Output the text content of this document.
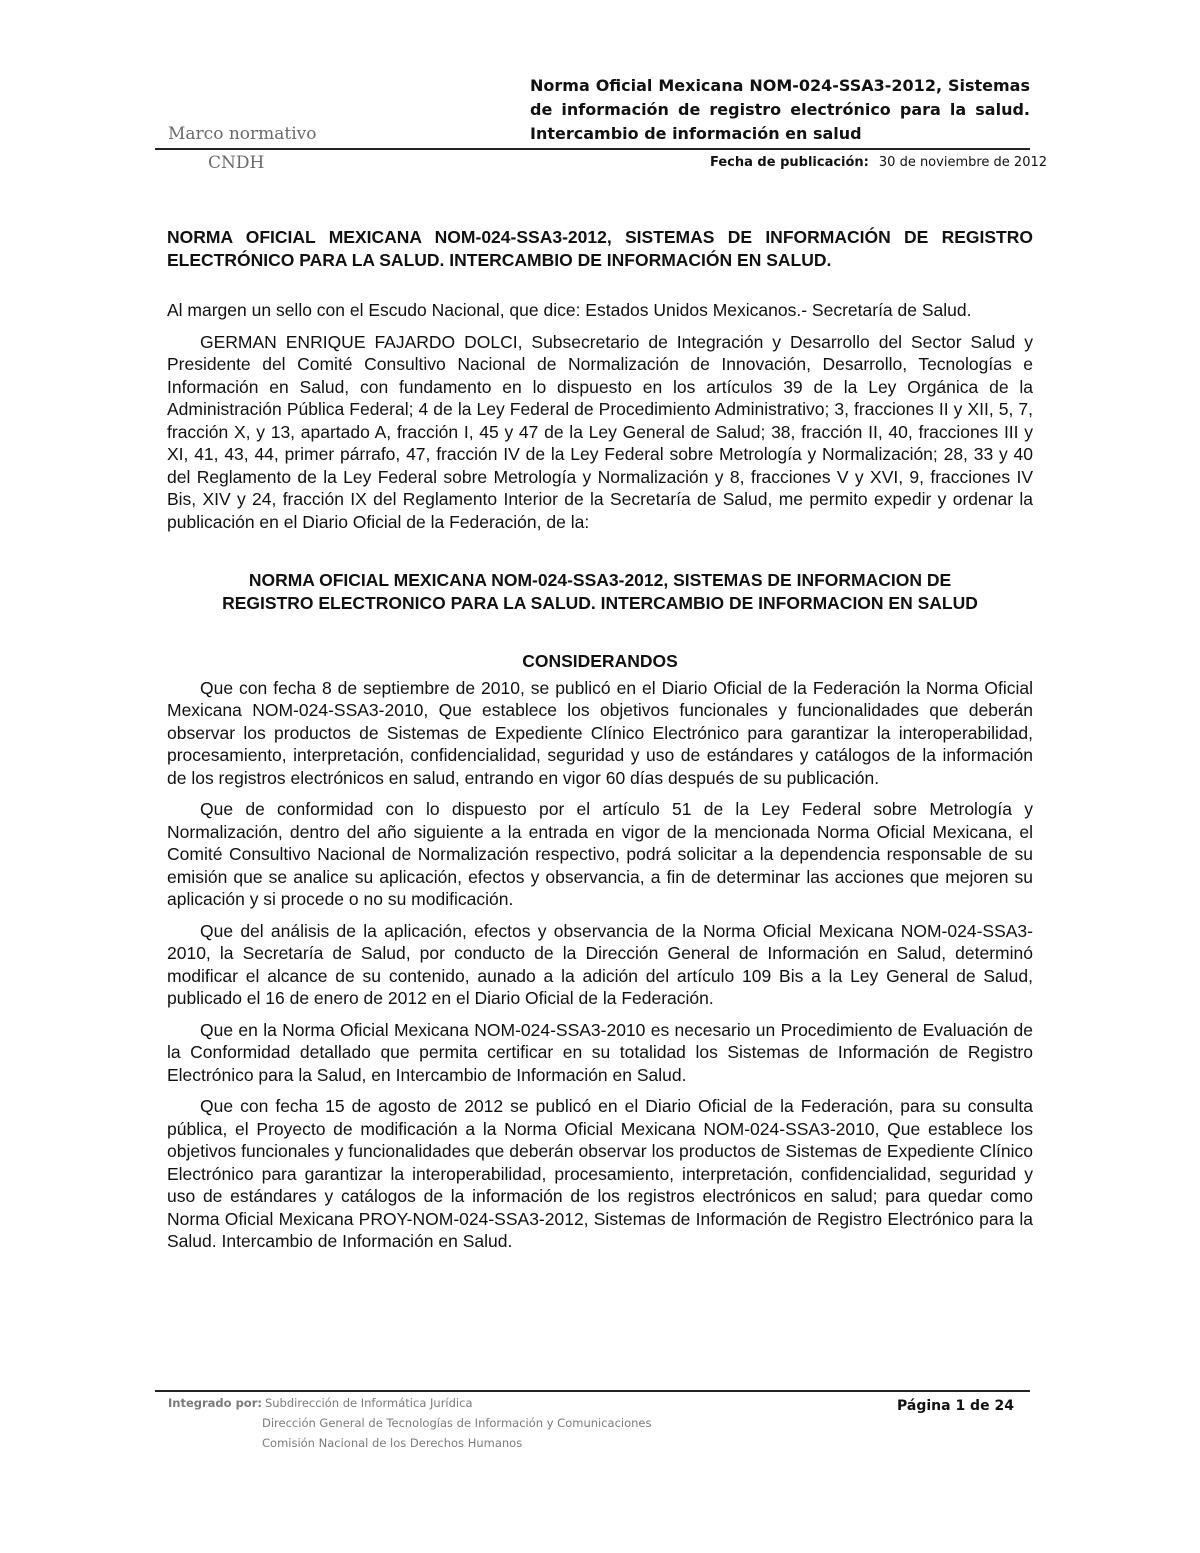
Marco normativo
CNDH
Norma Oficial Mexicana NOM-024-SSA3-2012, Sistemas de información de registro electrónico para la salud. Intercambio de información en salud
Fecha de publicación: 30 de noviembre de 2012

NORMA OFICIAL MEXICANA NOM-024-SSA3-2012, SISTEMAS DE INFORMACIÓN DE REGISTRO ELECTRÓNICO PARA LA SALUD. INTERCAMBIO DE INFORMACIÓN EN SALUD.

Al margen un sello con el Escudo Nacional, que dice: Estados Unidos Mexicanos.- Secretaría de Salud.

GERMAN ENRIQUE FAJARDO DOLCI, Subsecretario de Integración y Desarrollo del Sector Salud y Presidente del Comité Consultivo Nacional de Normalización de Innovación, Desarrollo, Tecnologías e Información en Salud, con fundamento en lo dispuesto en los artículos 39 de la Ley Orgánica de la Administración Pública Federal; 4 de la Ley Federal de Procedimiento Administrativo; 3, fracciones II y XII, 5, 7, fracción X, y 13, apartado A, fracción I, 45 y 47 de la Ley General de Salud; 38, fracción II, 40, fracciones III y XI, 41, 43, 44, primer párrafo, 47, fracción IV de la Ley Federal sobre Metrología y Normalización; 28, 33 y 40 del Reglamento de la Ley Federal sobre Metrología y Normalización y 8, fracciones V y XVI, 9, fracciones IV Bis, XIV y 24, fracción IX del Reglamento Interior de la Secretaría de Salud, me permito expedir y ordenar la publicación en el Diario Oficial de la Federación, de la:

NORMA OFICIAL MEXICANA NOM-024-SSA3-2012, SISTEMAS DE INFORMACION DE
REGISTRO ELECTRONICO PARA LA SALUD. INTERCAMBIO DE INFORMACION EN SALUD
CONSIDERANDOS

Que con fecha 8 de septiembre de 2010, se publicó en el Diario Oficial de la Federación la Norma Oficial Mexicana NOM-024-SSA3-2010, Que establece los objetivos funcionales y funcionalidades que deberán observar los productos de Sistemas de Expediente Clínico Electrónico para garantizar la interoperabilidad, procesamiento, interpretación, confidencialidad, seguridad y uso de estándares y catálogos de la información de los registros electrónicos en salud, entrando en vigor 60 días después de su publicación.

Que de conformidad con lo dispuesto por el artículo 51 de la Ley Federal sobre Metrología y Normalización, dentro del año siguiente a la entrada en vigor de la mencionada Norma Oficial Mexicana, el Comité Consultivo Nacional de Normalización respectivo, podrá solicitar a la dependencia responsable de su emisión que se analice su aplicación, efectos y observancia, a fin de determinar las acciones que mejoren su aplicación y si procede o no su modificación.

Que del análisis de la aplicación, efectos y observancia de la Norma Oficial Mexicana NOM-024-SSA3-2010, la Secretaría de Salud, por conducto de la Dirección General de Información en Salud, determinó modificar el alcance de su contenido, aunado a la adición del artículo 109 Bis a la Ley General de Salud, publicado el 16 de enero de 2012 en el Diario Oficial de la Federación.

Que en la Norma Oficial Mexicana NOM-024-SSA3-2010 es necesario un Procedimiento de Evaluación de la Conformidad detallado que permita certificar en su totalidad los Sistemas de Información de Registro Electrónico para la Salud, en Intercambio de Información en Salud.

Que con fecha 15 de agosto de 2012 se publicó en el Diario Oficial de la Federación, para su consulta pública, el Proyecto de modificación a la Norma Oficial Mexicana NOM-024-SSA3-2010, Que establece los objetivos funcionales y funcionalidades que deberán observar los productos de Sistemas de Expediente Clínico Electrónico para garantizar la interoperabilidad, procesamiento, interpretación, confidencialidad, seguridad y uso de estándares y catálogos de la información de los registros electrónicos en salud; para quedar como Norma Oficial Mexicana PROY-NOM-024-SSA3-2012, Sistemas de Información de Registro Electrónico para la Salud. Intercambio de Información en Salud.

Integrado por: Subdirección de Informática Jurídica
Dirección General de Tecnologías de Información y Comunicaciones
Comisión Nacional de los Derechos Humanos
Página 1 de 24
